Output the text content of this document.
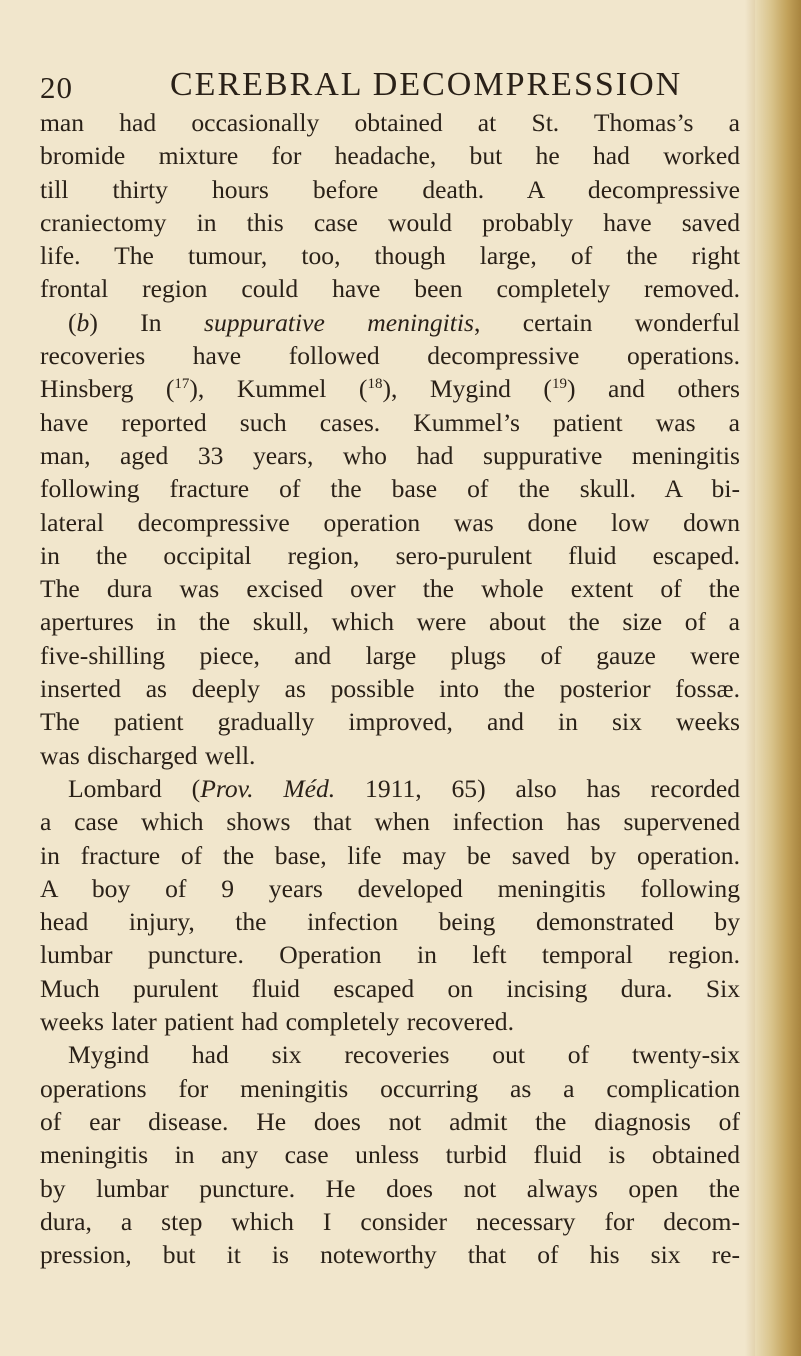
20	CEREBRAL DECOMPRESSION
man had occasionally obtained at St. Thomas’s a
bromide mixture for headache, but he had worked
till thirty hours before death. A decompressive
craniectomy in this case would probably have saved
life. The tumour, too, though large, of the right
frontal region could have been completely removed.
(b) In suppurative meningitis, certain wonderful
recoveries have followed decompressive operations.
Hinsberg ($^{17}$), Kummel ($^{18}$), Mygind ($^{19}$) and others
have reported such cases. Kummel’s patient was a
man, aged 33 years, who had suppurative meningitis
following fracture of the base of the skull. A bi-
lateral decompressive operation was done low down
in the occipital region, sero-purulent fluid escaped.
The dura was excised over the whole extent of the
apertures in the skull, which were about the size of a
five-shilling piece, and large plugs of gauze were
inserted as deeply as possible into the posterior fossæ.
The patient gradually improved, and in six weeks
was discharged well.
Lombard (Prov. Méd. 1911, 65) also has recorded
a case which shows that when infection has supervened
in fracture of the base, life may be saved by operation.
A boy of 9 years developed meningitis following
head injury, the infection being demonstrated by
lumbar puncture. Operation in left temporal region.
Much purulent fluid escaped on incising dura. Six
weeks later patient had completely recovered.
Mygind had six recoveries out of twenty-six
operations for meningitis occurring as a complication
of ear disease. He does not admit the diagnosis of
meningitis in any case unless turbid fluid is obtained
by lumbar puncture. He does not always open the
dura, a step which I consider necessary for decom-
pression, but it is noteworthy that of his six re-
